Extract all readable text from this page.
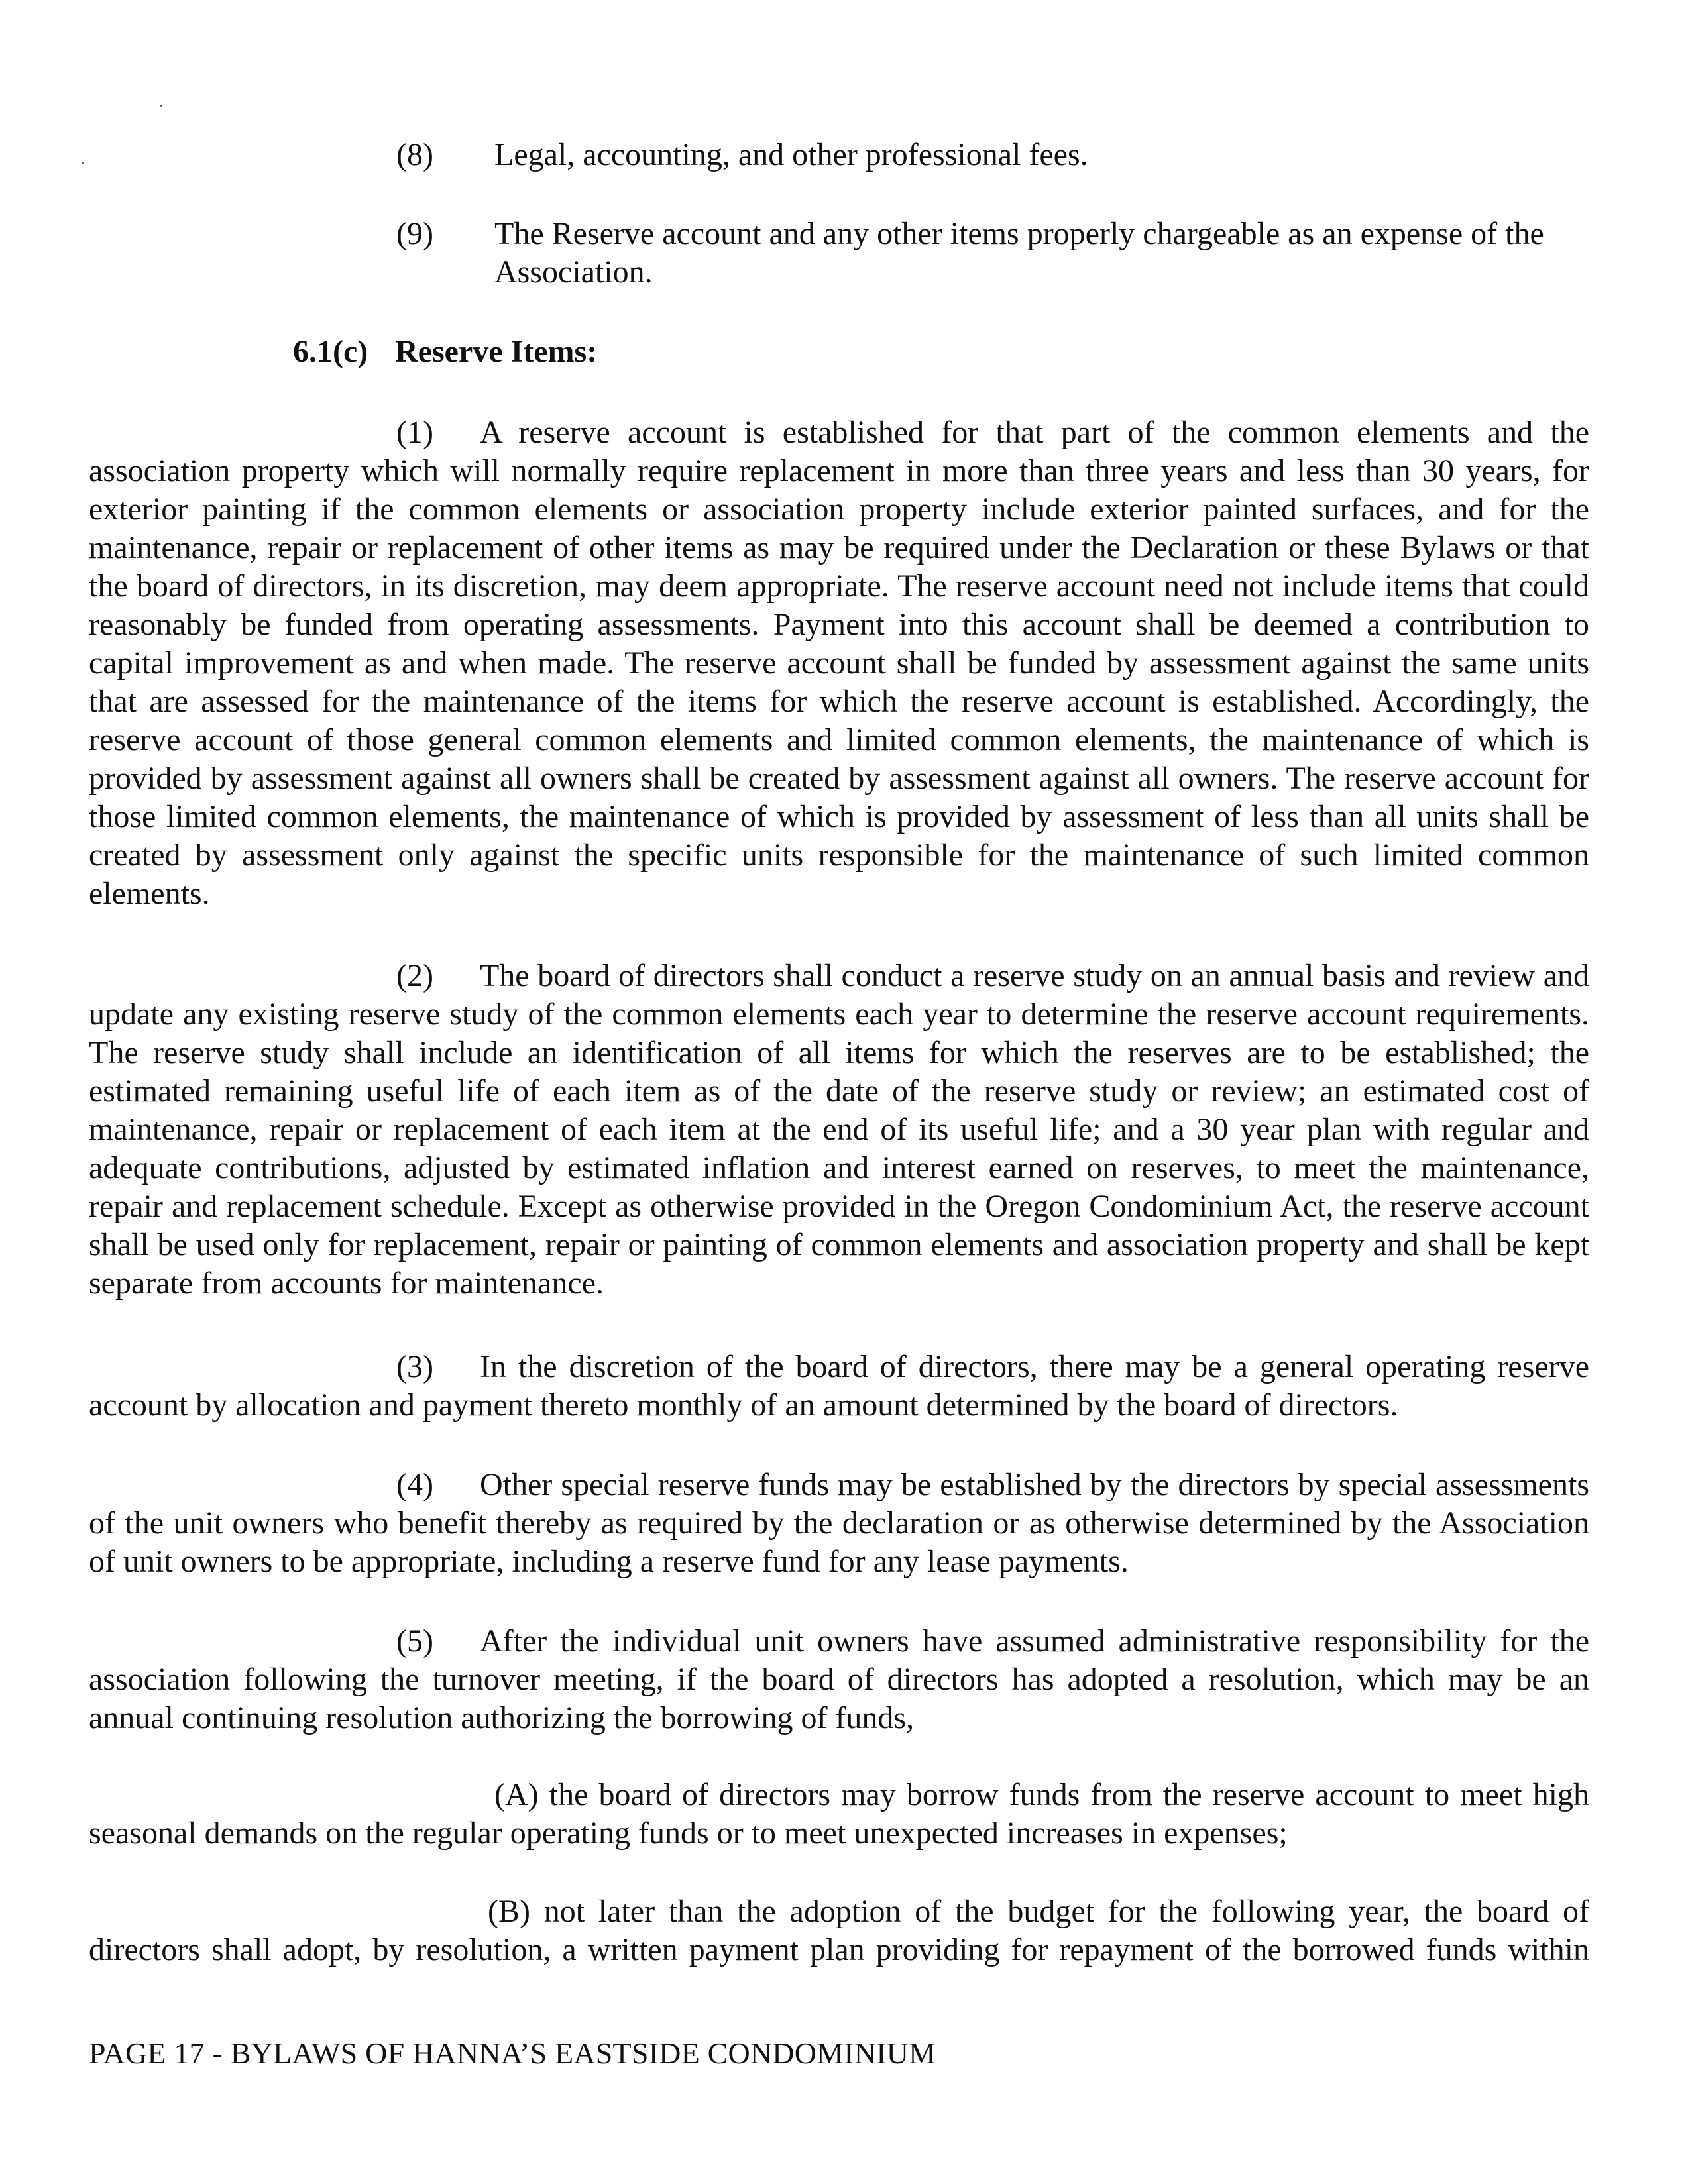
(8) Legal, accounting, and other professional fees.

(9) The Reserve account and any other items properly chargeable as an expense of the Association.

6.1(c) Reserve Items:

(1) A reserve account is established for that part of the common elements and the association property which will normally require replacement in more than three years and less than 30 years, for exterior painting if the common elements or association property include exterior painted surfaces, and for the maintenance, repair or replacement of other items as may be required under the Declaration or these Bylaws or that the board of directors, in its discretion, may deem appropriate. The reserve account need not include items that could reasonably be funded from operating assessments. Payment into this account shall be deemed a contribution to capital improvement as and when made. The reserve account shall be funded by assessment against the same units that are assessed for the maintenance of the items for which the reserve account is established. Accordingly, the reserve account of those general common elements and limited common elements, the maintenance of which is provided by assessment against all owners shall be created by assessment against all owners. The reserve account for those limited common elements, the maintenance of which is provided by assessment of less than all units shall be created by assessment only against the specific units responsible for the maintenance of such limited common elements.

(2) The board of directors shall conduct a reserve study on an annual basis and review and update any existing reserve study of the common elements each year to determine the reserve account requirements. The reserve study shall include an identification of all items for which the reserves are to be established; the estimated remaining useful life of each item as of the date of the reserve study or review; an estimated cost of maintenance, repair or replacement of each item at the end of its useful life; and a 30 year plan with regular and adequate contributions, adjusted by estimated inflation and interest earned on reserves, to meet the maintenance, repair and replacement schedule. Except as otherwise provided in the Oregon Condominium Act, the reserve account shall be used only for replacement, repair or painting of common elements and association property and shall be kept separate from accounts for maintenance.

(3) In the discretion of the board of directors, there may be a general operating reserve account by allocation and payment thereto monthly of an amount determined by the board of directors.

(4) Other special reserve funds may be established by the directors by special assessments of the unit owners who benefit thereby as required by the declaration or as otherwise determined by the Association of unit owners to be appropriate, including a reserve fund for any lease payments.

(5) After the individual unit owners have assumed administrative responsibility for the association following the turnover meeting, if the board of directors has adopted a resolution, which may be an annual continuing resolution authorizing the borrowing of funds,

(A) the board of directors may borrow funds from the reserve account to meet high seasonal demands on the regular operating funds or to meet unexpected increases in expenses;

(B) not later than the adoption of the budget for the following year, the board of directors shall adopt, by resolution, a written payment plan providing for repayment of the borrowed funds within

PAGE 17 - BYLAWS OF HANNA’S EASTSIDE CONDOMINIUM
